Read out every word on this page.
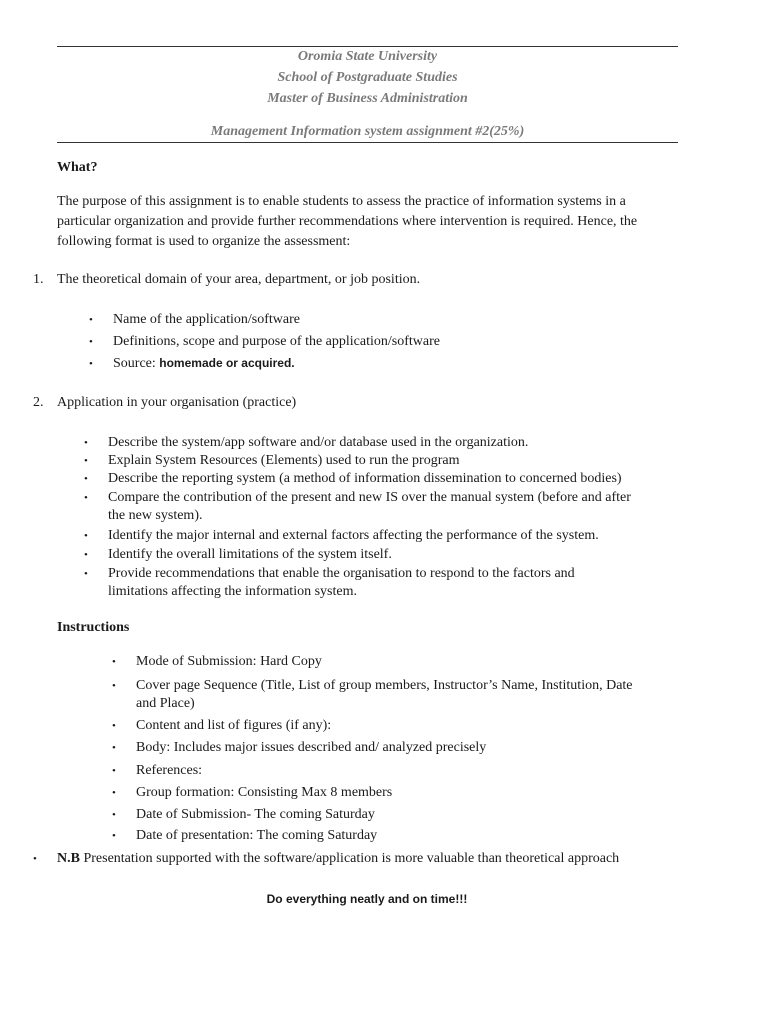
Oromia State University
School of Postgraduate Studies
Master of Business Administration
Management Information system assignment #2(25%)
What?
The purpose of this assignment is to enable students to assess the practice of information systems in a particular organization and provide further recommendations where intervention is required. Hence, the following format is used to organize the assessment:
1. The theoretical domain of your area, department, or job position.
• Name of the application/software
• Definitions, scope and purpose of the application/software
• Source: homemade or acquired.
2. Application in your organisation (practice)
• Describe the system/app software and/or database used in the organization.
• Explain System Resources (Elements) used to run the program
• Describe the reporting system (a method of information dissemination to concerned bodies)
• Compare the contribution of the present and new IS over the manual system (before and after
the new system).
• Identify the major internal and external factors affecting the performance of the system.
• Identify the overall limitations of the system itself.
• Provide recommendations that enable the organisation to respond to the factors and
limitations affecting the information system.
Instructions
• Mode of Submission: Hard Copy
• Cover page Sequence (Title, List of group members, Instructor’s Name, Institution, Date
and Place)
• Content and list of figures (if any):
• Body: Includes major issues described and/ analyzed precisely
• References:
• Group formation: Consisting Max 8 members
• Date of Submission- The coming Saturday
• Date of presentation: The coming Saturday
• N.B Presentation supported with the software/application is more valuable than theoretical approach
Do everything neatly and on time!!!
